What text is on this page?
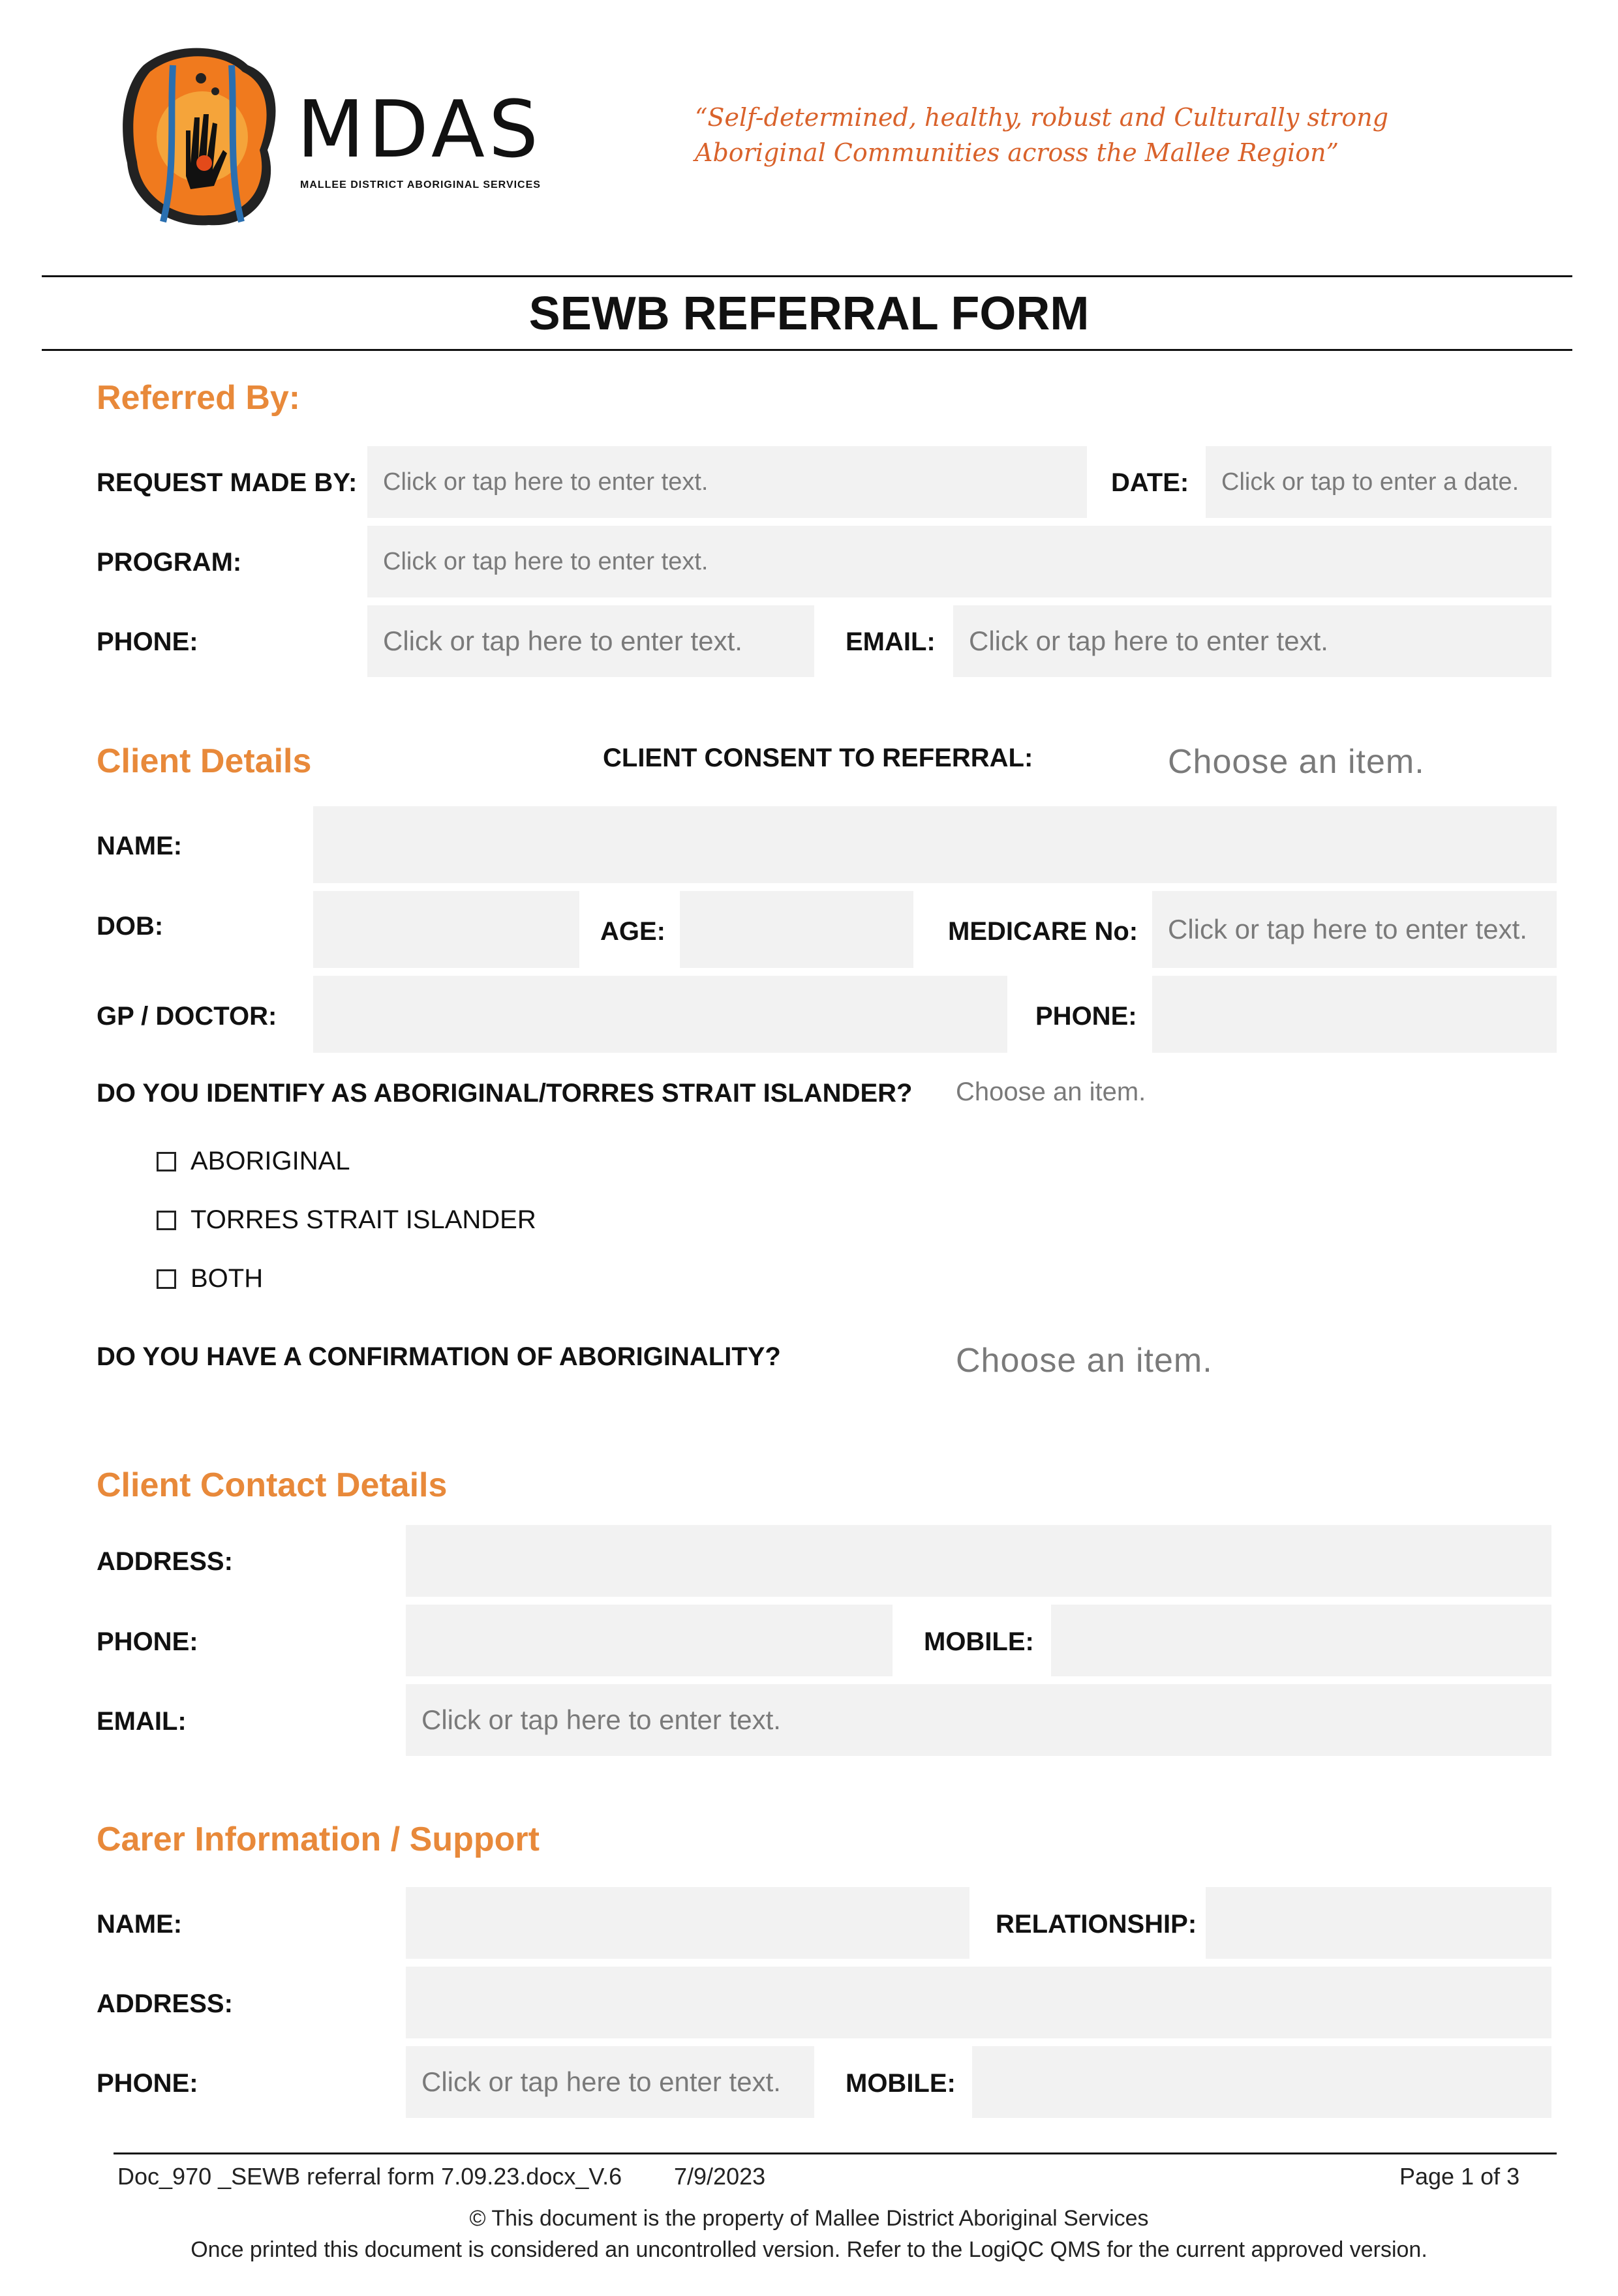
MDAS
MALLEE DISTRICT ABORIGINAL SERVICES
“Self-determined, healthy, robust and Culturally strong
Aboriginal Communities across the Mallee Region”
SEWB REFERRAL FORM
Referred By:
REQUEST MADE BY:	Click or tap here to enter text.	DATE:	Click or tap to enter a date.
PROGRAM:	Click or tap here to enter text.
PHONE:	Click or tap here to enter text.	EMAIL:	Click or tap here to enter text.
Client Details	CLIENT CONSENT TO REFERRAL:	Choose an item.
NAME:
DOB:	AGE:	MEDICARE No:	Click or tap here to enter text.
GP / DOCTOR:	PHONE:
DO YOU IDENTIFY AS ABORIGINAL/TORRES STRAIT ISLANDER? Choose an item.
ABORIGINAL
TORRES STRAIT ISLANDER
BOTH
DO YOU HAVE A CONFIRMATION OF ABORIGINALITY?	Choose an item.
Client Contact Details
ADDRESS:
PHONE:	MOBILE:
EMAIL:	Click or tap here to enter text.
Carer Information / Support
NAME:	RELATIONSHIP:
ADDRESS:
PHONE:	Click or tap here to enter text.	MOBILE:
Doc_970 _SEWB referral form 7.09.23.docx_V.6 7/9/2023	Page 1 of 3
© This document is the property of Mallee District Aboriginal Services
Once printed this document is considered an uncontrolled version. Refer to the LogiQC QMS for the current approved version.
